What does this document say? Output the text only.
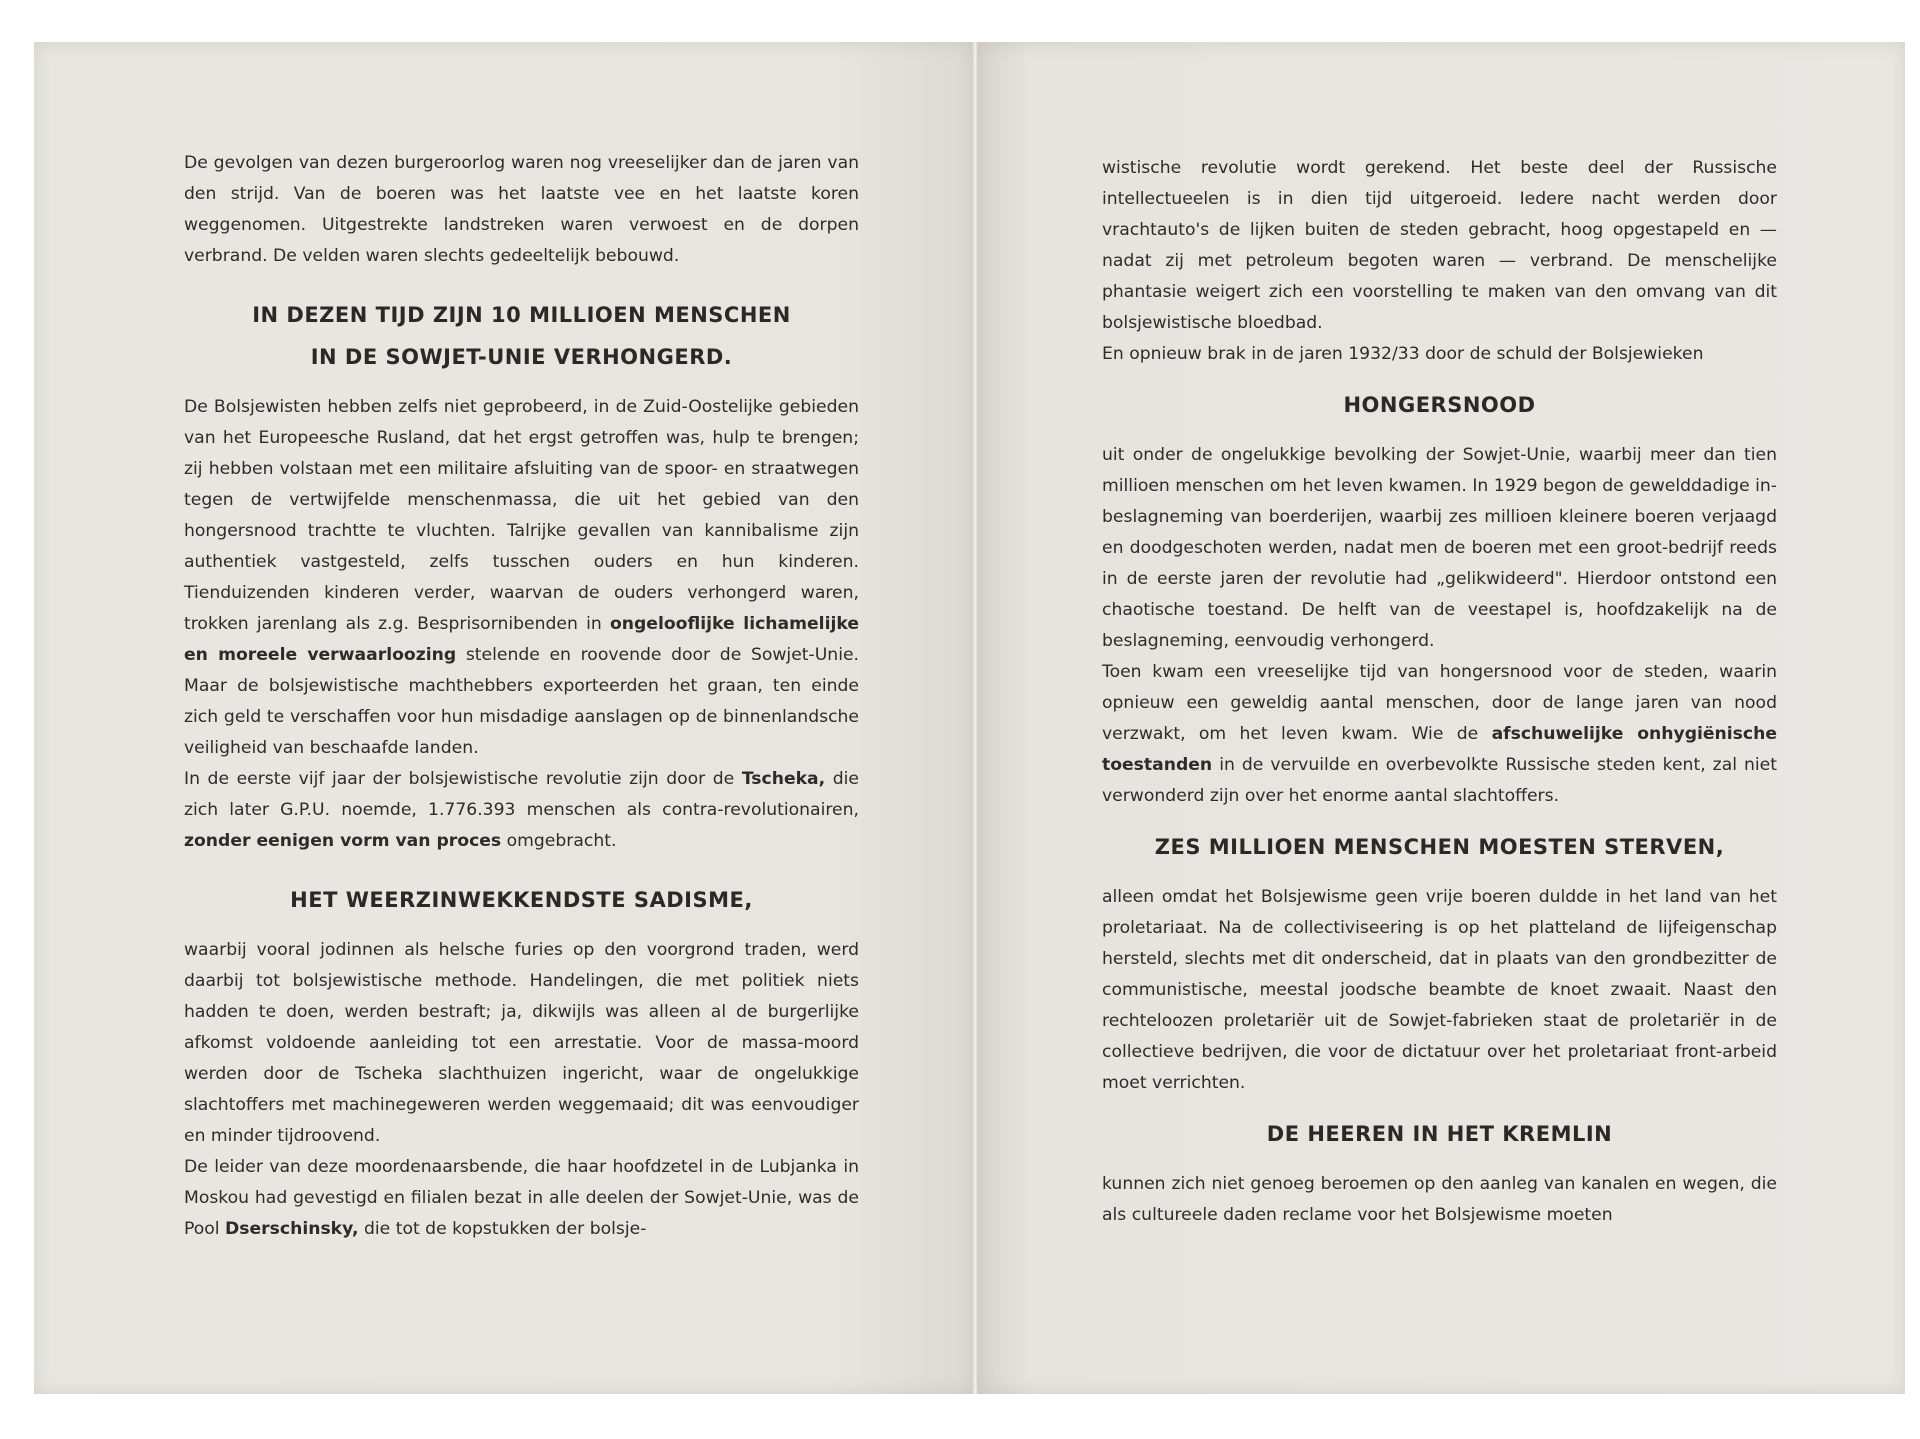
De gevolgen van dezen burgeroorlog waren nog vreeselijker dan de jaren van den strijd. Van de boeren was het laatste vee en het laatste koren weggenomen. Uitgestrekte landstreken waren verwoest en de dorpen verbrand. De velden waren slechts gedeeltelijk bebouwd.

IN DEZEN TIJD ZIJN 10 MILLIOEN MENSCHEN
IN DE SOWJET-UNIE VERHONGERD.

De Bolsjewisten hebben zelfs niet geprobeerd, in de Zuid-Oostelijke gebieden van het Europeesche Rusland, dat het ergst getroffen was, hulp te brengen; zij hebben volstaan met een militaire afsluiting van de spoor- en straatwegen tegen de vertwijfelde menschenmassa, die uit het gebied van den hongersnood trachtte te vluchten. Talrijke gevallen van kannibalisme zijn authentiek vastgesteld, zelfs tusschen ouders en hun kinderen. Tienduizenden kinderen verder, waarvan de ouders verhongerd waren, trokken jarenlang als z.g. Besprisornibenden in ongelooflijke lichamelijke en moreele verwaarloozing stelende en roovende door de Sowjet-Unie. Maar de bolsjewistische machthebbers exporteerden het graan, ten einde zich geld te verschaffen voor hun misdadige aanslagen op de binnenlandsche veiligheid van beschaafde landen.

In de eerste vijf jaar der bolsjewistische revolutie zijn door de Tscheka, die zich later G.P.U. noemde, 1.776.393 menschen als contra-revolutionairen, zonder eenigen vorm van proces omgebracht.

HET WEERZINWEKKENDSTE SADISME,

waarbij vooral jodinnen als helsche furies op den voorgrond traden, werd daarbij tot bolsjewistische methode. Handelingen, die met politiek niets hadden te doen, werden bestraft; ja, dikwijls was alleen al de burgerlijke afkomst voldoende aanleiding tot een arrestatie. Voor de massa-moord werden door de Tscheka slachthuizen ingericht, waar de ongelukkige slachtoffers met machinegeweren werden weggemaaid; dit was eenvoudiger en minder tijdroovend.

De leider van deze moordenaarsbende, die haar hoofdzetel in de Lubjanka in Moskou had gevestigd en filialen bezat in alle deelen der Sowjet-Unie, was de Pool Dserschinsky, die tot de kopstukken der bolsje-

wistische revolutie wordt gerekend. Het beste deel der Russische intellectueelen is in dien tijd uitgeroeid. Iedere nacht werden door vrachtauto's de lijken buiten de steden gebracht, hoog opgestapeld en — nadat zij met petroleum begoten waren — verbrand. De menschelijke phantasie weigert zich een voorstelling te maken van den omvang van dit bolsjewistische bloedbad.

En opnieuw brak in de jaren 1932/33 door de schuld der Bolsjewieken

HONGERSNOOD

uit onder de ongelukkige bevolking der Sowjet-Unie, waarbij meer dan tien millioen menschen om het leven kwamen. In 1929 begon de gewelddadige in-beslagneming van boerderijen, waarbij zes millioen kleinere boeren verjaagd en doodgeschoten werden, nadat men de boeren met een groot-bedrijf reeds in de eerste jaren der revolutie had „gelikwideerd". Hierdoor ontstond een chaotische toestand. De helft van de veestapel is, hoofdzakelijk na de beslagneming, eenvoudig verhongerd.

Toen kwam een vreeselijke tijd van hongersnood voor de steden, waarin opnieuw een geweldig aantal menschen, door de lange jaren van nood verzwakt, om het leven kwam. Wie de afschuwelijke onhygiënische toestanden in de vervuilde en overbevolkte Russische steden kent, zal niet verwonderd zijn over het enorme aantal slachtoffers.

ZES MILLIOEN MENSCHEN MOESTEN STERVEN,

alleen omdat het Bolsjewisme geen vrije boeren duldde in het land van het proletariaat. Na de collectiviseering is op het platteland de lijfeigenschap hersteld, slechts met dit onderscheid, dat in plaats van den grondbezitter de communistische, meestal joodsche beambte de knoet zwaait. Naast den rechteloozen proletariër uit de Sowjet-fabrieken staat de proletariër in de collectieve bedrijven, die voor de dictatuur over het proletariaat front-arbeid moet verrichten.

DE HEEREN IN HET KREMLIN

kunnen zich niet genoeg beroemen op den aanleg van kanalen en wegen, die als cultureele daden reclame voor het Bolsjewisme moeten
